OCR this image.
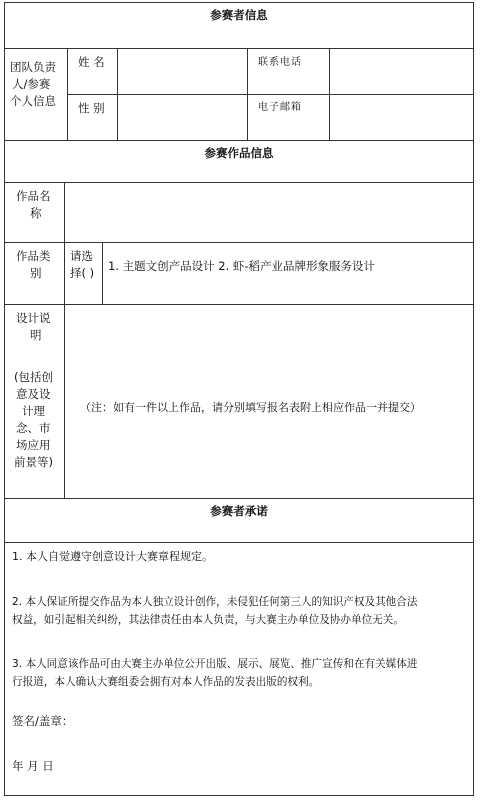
参赛者信息
团队负责
人/参赛
个人信息
姓 名
性 别
联系电话
电子邮箱
参赛作品信息
作品名
称
作品类
别
请选
择( ) 1. 主题文创产品设计 2. 虾-稻产业品牌形象服务设计
设计说
明
(包括创
意及设
计理
念、市
场应用
前景等)
（注：如有一件以上作品，请分别填写报名表附上相应作品一并提交）
参赛者承诺
1. 本人自觉遵守创意设计大赛章程规定。
2. 本人保证所提交作品为本人独立设计创作，未侵犯任何第三人的知识产权及其他合法
权益，如引起相关纠纷，其法律责任由本人负责，与大赛主办单位及协办单位无关。
3. 本人同意该作品可由大赛主办单位公开出版、展示、展览、推广宣传和在有关媒体进
行报道，本人确认大赛组委会拥有对本人作品的发表出版的权利。
签名/盖章：
年 月 日
